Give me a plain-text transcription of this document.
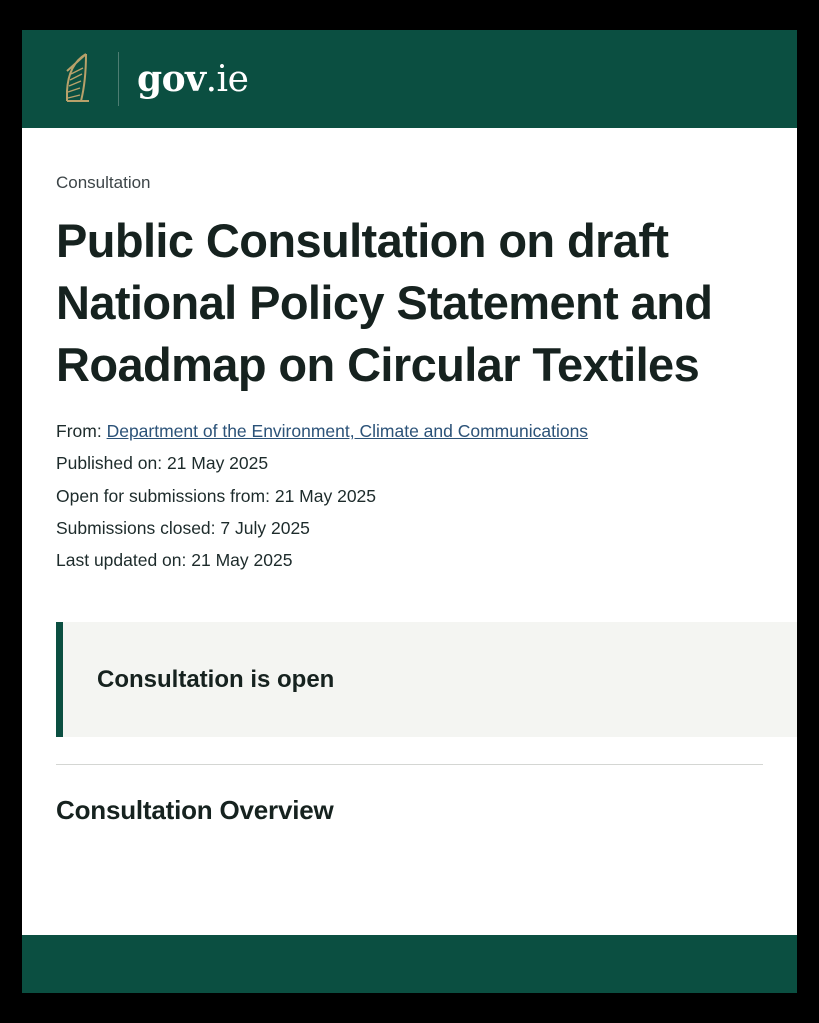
gov.ie
Consultation
Public Consultation on draft National Policy Statement and Roadmap on Circular Textiles
From: Department of the Environment, Climate and Communications
Published on: 21 May 2025
Open for submissions from: 21 May 2025
Submissions closed: 7 July 2025
Last updated on: 21 May 2025
Consultation is open
Consultation Overview
